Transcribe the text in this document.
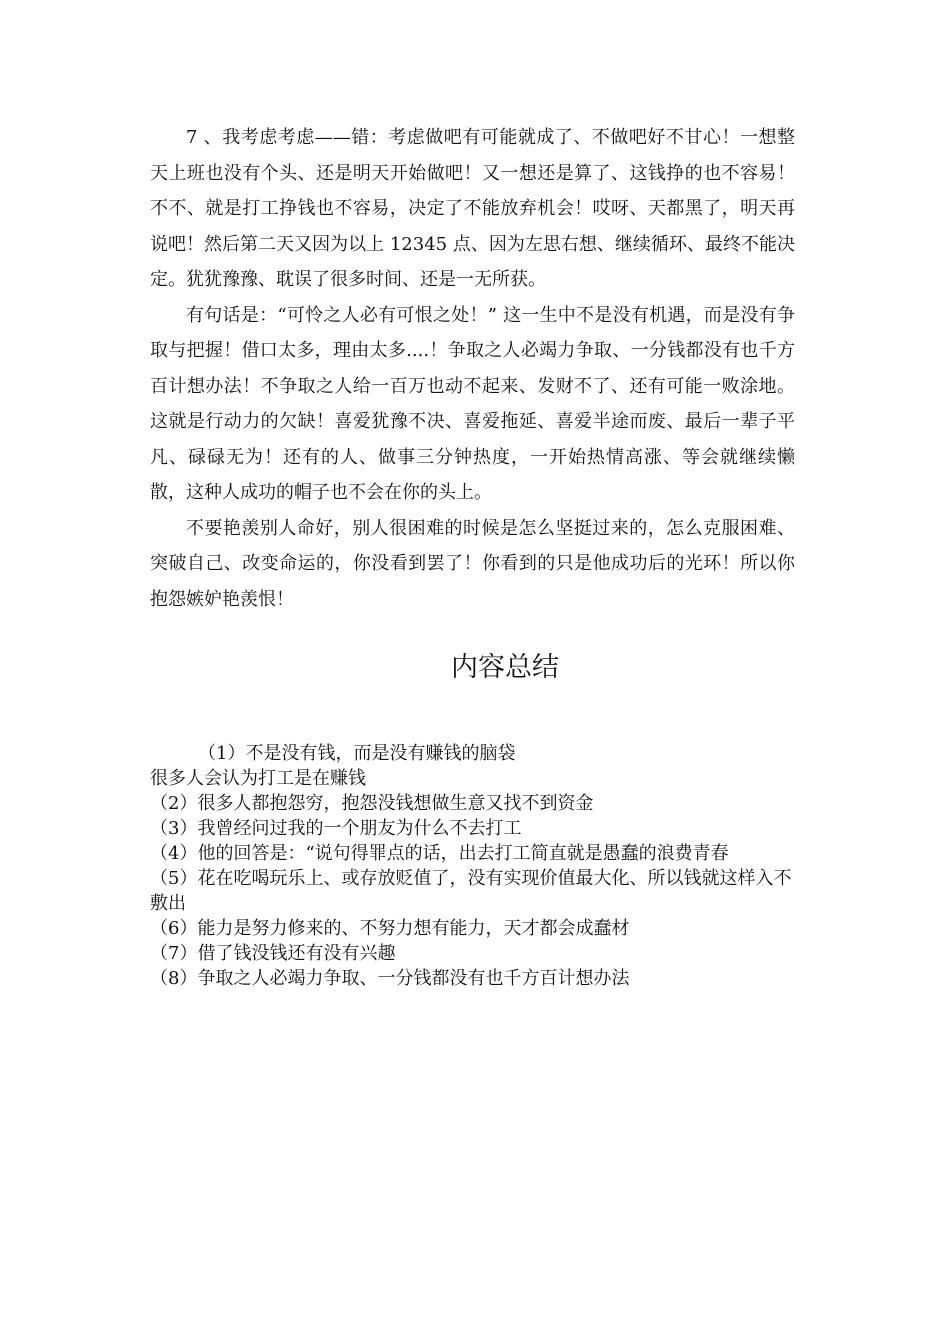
7 、我考虑考虑——错：考虑做吧有可能就成了、不做吧好不甘心！一想整天上班也没有个头、还是明天开始做吧！又一想还是算了、这钱挣的也不容易！不不、就是打工挣钱也不容易，决定了不能放弃机会！哎呀、天都黑了，明天再说吧！然后第二天又因为以上 12345 点、因为左思右想、继续循环、最终不能决定。犹犹豫豫、耽误了很多时间、还是一无所获。

有句话是：“可怜之人必有可恨之处！” 这一生中不是没有机遇，而是没有争取与把握！借口太多，理由太多....！争取之人必竭力争取、一分钱都没有也千方百计想办法！不争取之人给一百万也动不起来、发财不了、还有可能一败涂地。这就是行动力的欠缺！喜爱犹豫不决、喜爱拖延、喜爱半途而废、最后一辈子平凡、碌碌无为！还有的人、做事三分钟热度，一开始热情高涨、等会就继续懒散，这种人成功的帽子也不会在你的头上。

不要艳羡别人命好，别人很困难的时候是怎么坚挺过来的，怎么克服困难、突破自己、改变命运的，你没看到罢了！你看到的只是他成功后的光环！所以你抱怨嫉妒艳羡恨！

内容总结
（1）不是没有钱，而是没有赚钱的脑袋
很多人会认为打工是在赚钱
（2）很多人都抱怨穷，抱怨没钱想做生意又找不到资金
（3）我曾经问过我的一个朋友为什么不去打工
（4）他的回答是：“说句得罪点的话，出去打工简直就是愚蠢的浪费青春
（5）花在吃喝玩乐上、或存放贬值了，没有实现价值最大化、所以钱就这样入不敷出
（6）能力是努力修来的、不努力想有能力，天才都会成蠢材
（7）借了钱没钱还有没有兴趣
（8）争取之人必竭力争取、一分钱都没有也千方百计想办法
